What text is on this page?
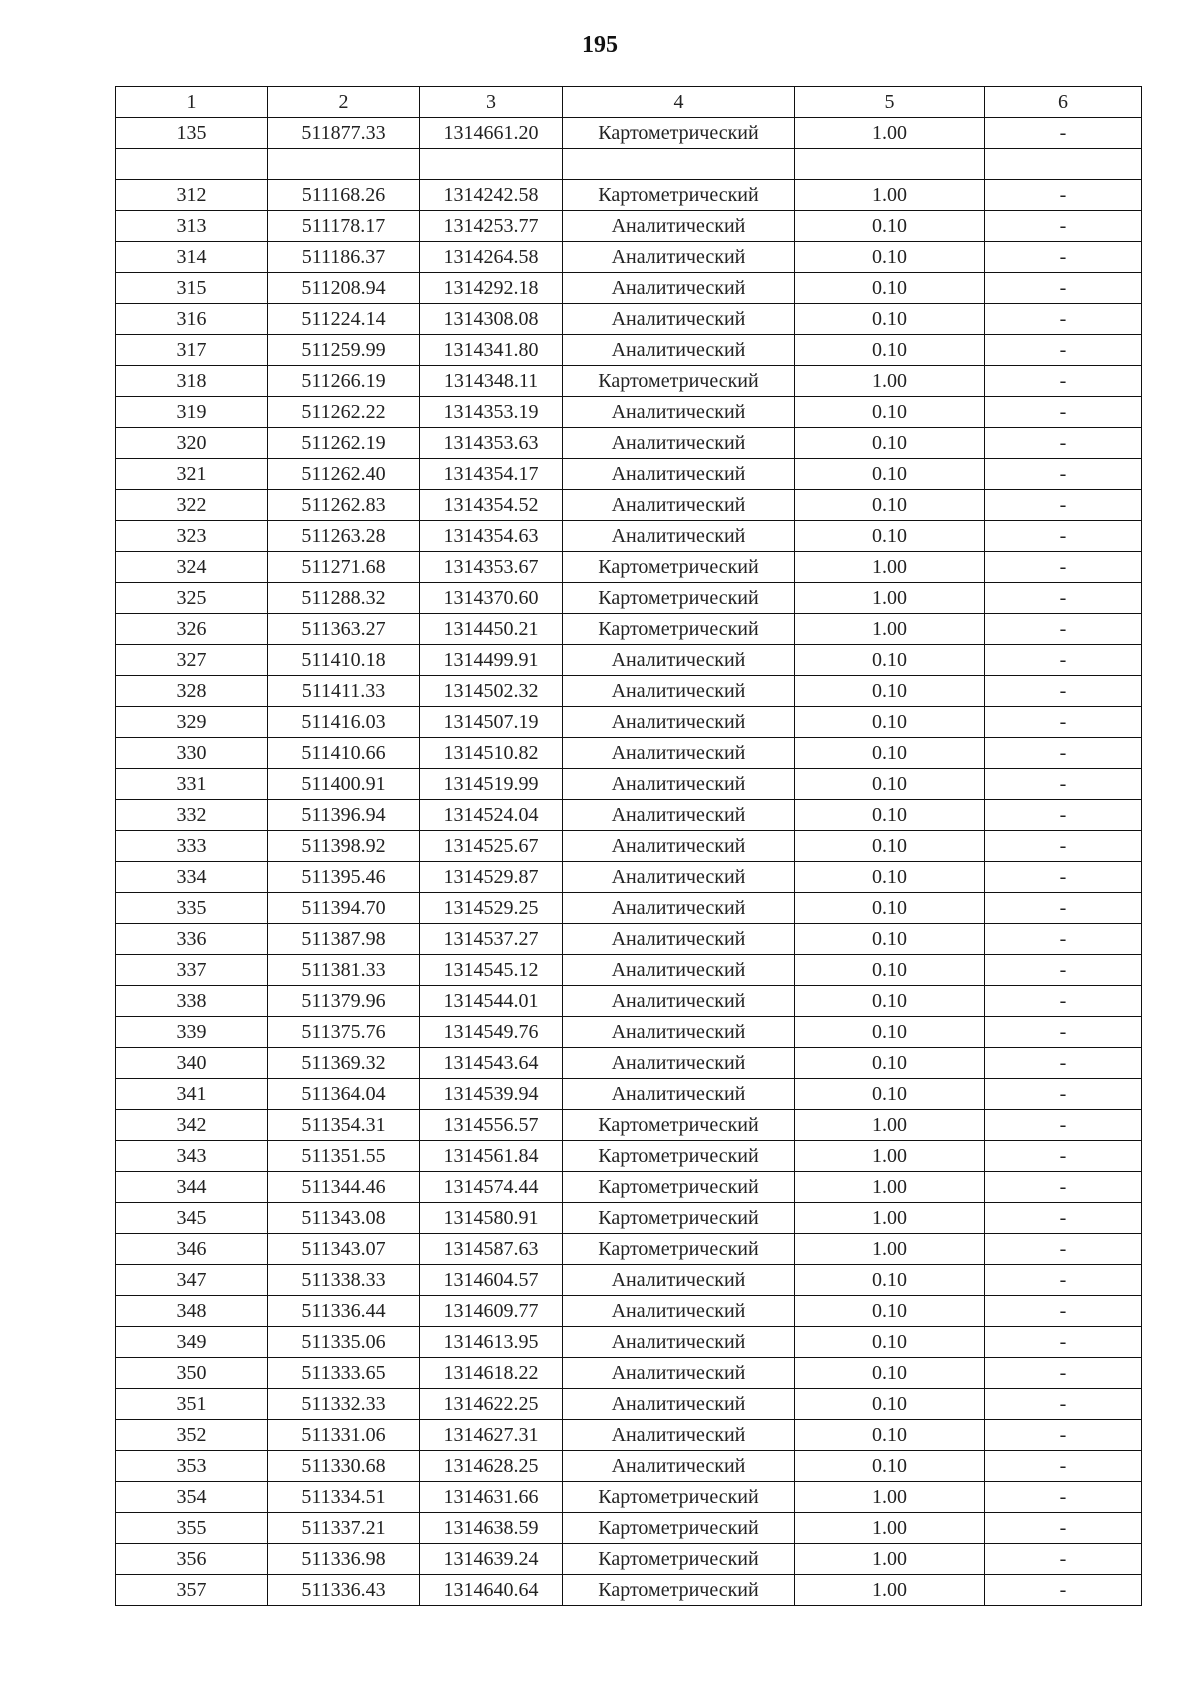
195
1	2	3	4	5	6
135	511877.33	1314661.20	Картометрический	1.00	-

312	511168.26	1314242.58	Картометрический	1.00	-
313	511178.17	1314253.77	Аналитический	0.10	-
314	511186.37	1314264.58	Аналитический	0.10	-
315	511208.94	1314292.18	Аналитический	0.10	-
316	511224.14	1314308.08	Аналитический	0.10	-
317	511259.99	1314341.80	Аналитический	0.10	-
318	511266.19	1314348.11	Картометрический	1.00	-
319	511262.22	1314353.19	Аналитический	0.10	-
320	511262.19	1314353.63	Аналитический	0.10	-
321	511262.40	1314354.17	Аналитический	0.10	-
322	511262.83	1314354.52	Аналитический	0.10	-
323	511263.28	1314354.63	Аналитический	0.10	-
324	511271.68	1314353.67	Картометрический	1.00	-
325	511288.32	1314370.60	Картометрический	1.00	-
326	511363.27	1314450.21	Картометрический	1.00	-
327	511410.18	1314499.91	Аналитический	0.10	-
328	511411.33	1314502.32	Аналитический	0.10	-
329	511416.03	1314507.19	Аналитический	0.10	-
330	511410.66	1314510.82	Аналитический	0.10	-
331	511400.91	1314519.99	Аналитический	0.10	-
332	511396.94	1314524.04	Аналитический	0.10	-
333	511398.92	1314525.67	Аналитический	0.10	-
334	511395.46	1314529.87	Аналитический	0.10	-
335	511394.70	1314529.25	Аналитический	0.10	-
336	511387.98	1314537.27	Аналитический	0.10	-
337	511381.33	1314545.12	Аналитический	0.10	-
338	511379.96	1314544.01	Аналитический	0.10	-
339	511375.76	1314549.76	Аналитический	0.10	-
340	511369.32	1314543.64	Аналитический	0.10	-
341	511364.04	1314539.94	Аналитический	0.10	-
342	511354.31	1314556.57	Картометрический	1.00	-
343	511351.55	1314561.84	Картометрический	1.00	-
344	511344.46	1314574.44	Картометрический	1.00	-
345	511343.08	1314580.91	Картометрический	1.00	-
346	511343.07	1314587.63	Картометрический	1.00	-
347	511338.33	1314604.57	Аналитический	0.10	-
348	511336.44	1314609.77	Аналитический	0.10	-
349	511335.06	1314613.95	Аналитический	0.10	-
350	511333.65	1314618.22	Аналитический	0.10	-
351	511332.33	1314622.25	Аналитический	0.10	-
352	511331.06	1314627.31	Аналитический	0.10	-
353	511330.68	1314628.25	Аналитический	0.10	-
354	511334.51	1314631.66	Картометрический	1.00	-
355	511337.21	1314638.59	Картометрический	1.00	-
356	511336.98	1314639.24	Картометрический	1.00	-
357	511336.43	1314640.64	Картометрический	1.00	-
